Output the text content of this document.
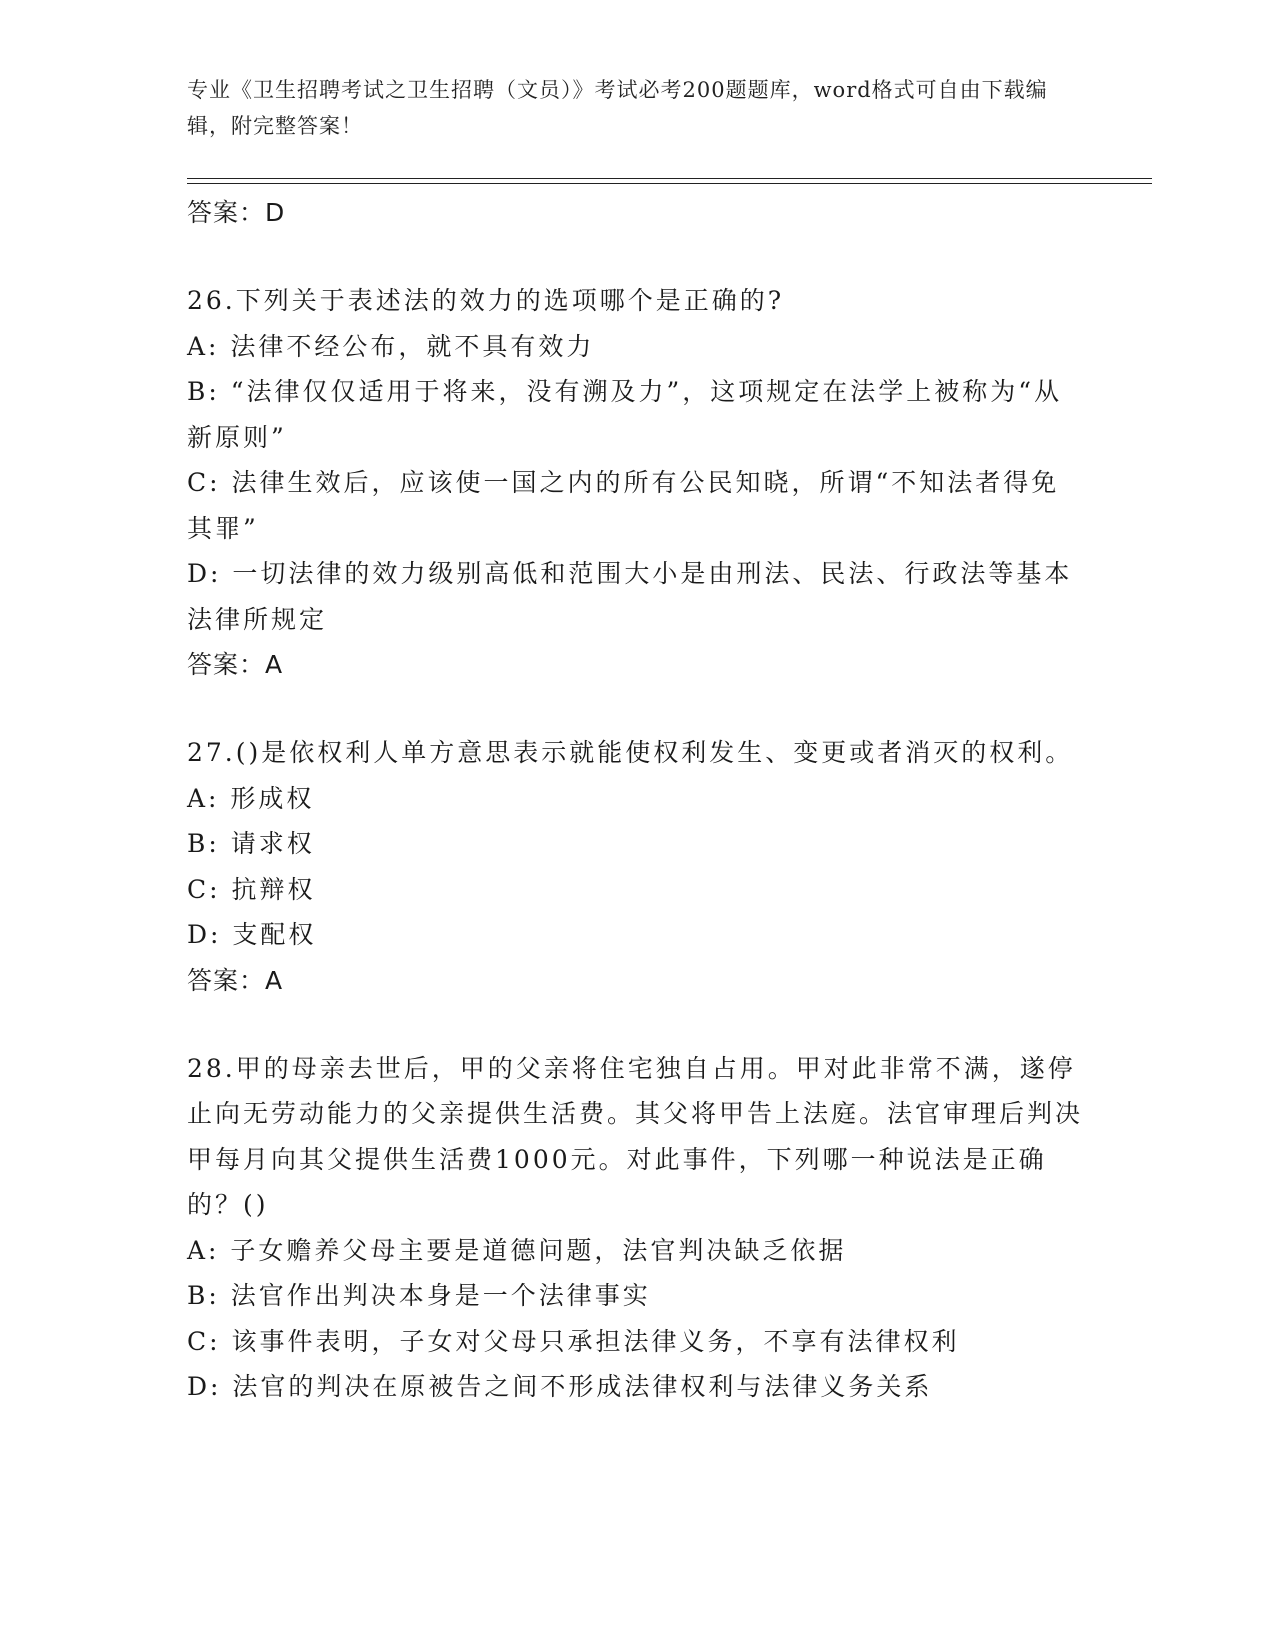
专业《卫生招聘考试之卫生招聘（文员）》考试必考200题题库，word格式可自由下载编辑，附完整答案！

答案：D

26.下列关于表述法的效力的选项哪个是正确的?

A: 法律不经公布，就不具有效力

B: “法律仅仅适用于将来，没有溯及力”，这项规定在法学上被称为“从新原则”

C: 法律生效后，应该使一国之内的所有公民知晓，所谓“不知法者得免其罪”

D: 一切法律的效力级别高低和范围大小是由刑法、民法、行政法等基本法律所规定

答案：A

27.()是依权利人单方意思表示就能使权利发生、变更或者消灭的权利。

A: 形成权

B: 请求权

C: 抗辩权

D: 支配权

答案：A

28.甲的母亲去世后，甲的父亲将住宅独自占用。甲对此非常不满，遂停止向无劳动能力的父亲提供生活费。其父将甲告上法庭。法官审理后判决甲每月向其父提供生活费1000元。对此事件，下列哪一种说法是正确的？()

A: 子女赡养父母主要是道德问题，法官判决缺乏依据

B: 法官作出判决本身是一个法律事实

C: 该事件表明，子女对父母只承担法律义务，不享有法律权利

D: 法官的判决在原被告之间不形成法律权利与法律义务关系
